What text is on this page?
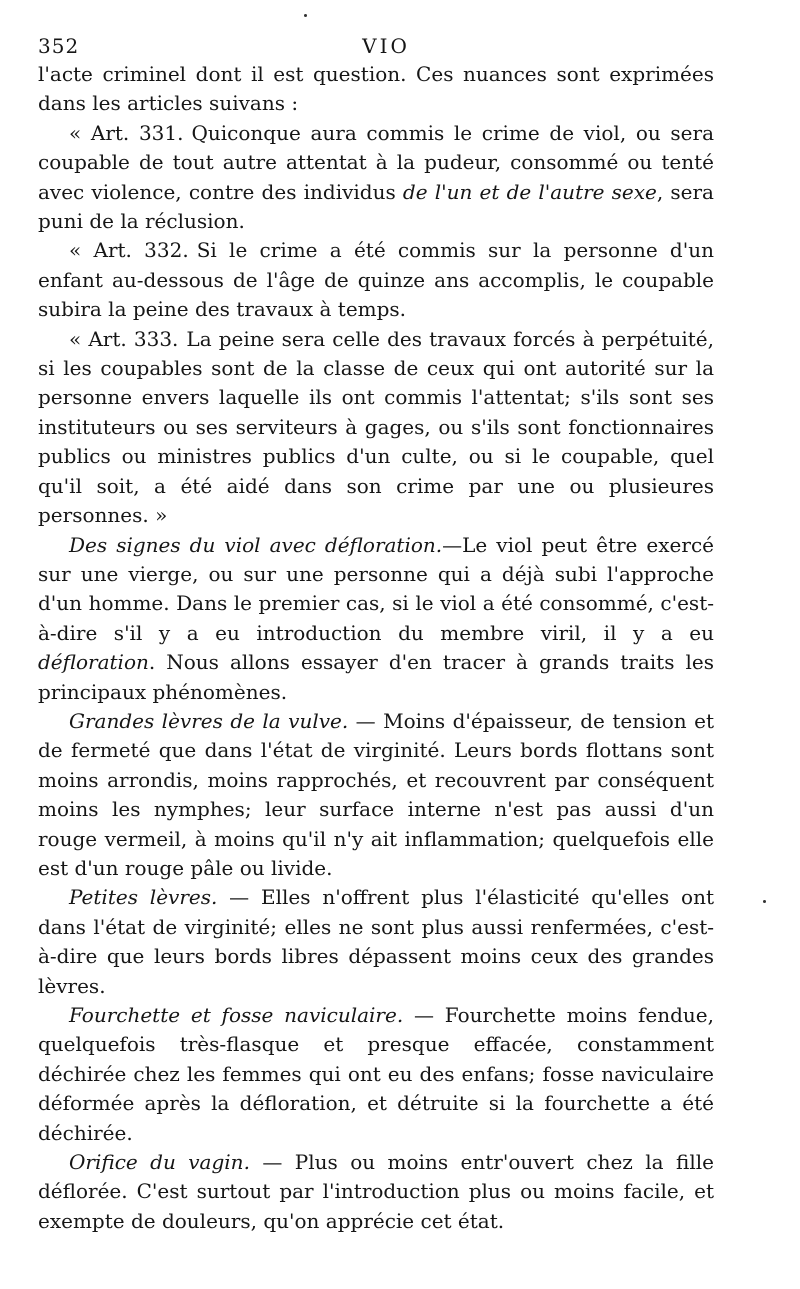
352	VIO

l'acte criminel dont il est question. Ces nuances sont exprimées dans les articles suivans :

« Art. 331. Quiconque aura commis le crime de viol, ou sera coupable de tout autre attentat à la pudeur, consommé ou tenté avec violence, contre des individus de l'un et de l'autre sexe, sera puni de la réclusion.

« Art. 332. Si le crime a été commis sur la personne d'un enfant au-dessous de l'âge de quinze ans accomplis, le coupable subira la peine des travaux à temps.

« Art. 333. La peine sera celle des travaux forcés à perpétuité, si les coupables sont de la classe de ceux qui ont autorité sur la personne envers laquelle ils ont commis l'attentat; s'ils sont ses instituteurs ou ses serviteurs à gages, ou s'ils sont fonctionnaires publics ou ministres publics d'un culte, ou si le coupable, quel qu'il soit, a été aidé dans son crime par une ou plusieures personnes. »

Des signes du viol avec défloration.—Le viol peut être exercé sur une vierge, ou sur une personne qui a déjà subi l'approche d'un homme. Dans le premier cas, si le viol a été consommé, c'est-à-dire s'il y a eu introduction du membre viril, il y a eu défloration. Nous allons essayer d'en tracer à grands traits les principaux phénomènes.

Grandes lèvres de la vulve. — Moins d'épaisseur, de tension et de fermeté que dans l'état de virginité. Leurs bords flottans sont moins arrondis, moins rapprochés, et recouvrent par conséquent moins les nymphes; leur surface interne n'est pas aussi d'un rouge vermeil, à moins qu'il n'y ait inflammation; quelquefois elle est d'un rouge pâle ou livide.

Petites lèvres. — Elles n'offrent plus l'élasticité qu'elles ont dans l'état de virginité; elles ne sont plus aussi renfermées, c'est-à-dire que leurs bords libres dépassent moins ceux des grandes lèvres.

Fourchette et fosse naviculaire. — Fourchette moins fendue, quelquefois très-flasque et presque effacée, constamment déchirée chez les femmes qui ont eu des enfans; fosse naviculaire déformée après la défloration, et détruite si la fourchette a été déchirée.

Orifice du vagin. — Plus ou moins entr'ouvert chez la fille déflorée. C'est surtout par l'introduction plus ou moins facile, et exempte de douleurs, qu'on apprécie cet état.
